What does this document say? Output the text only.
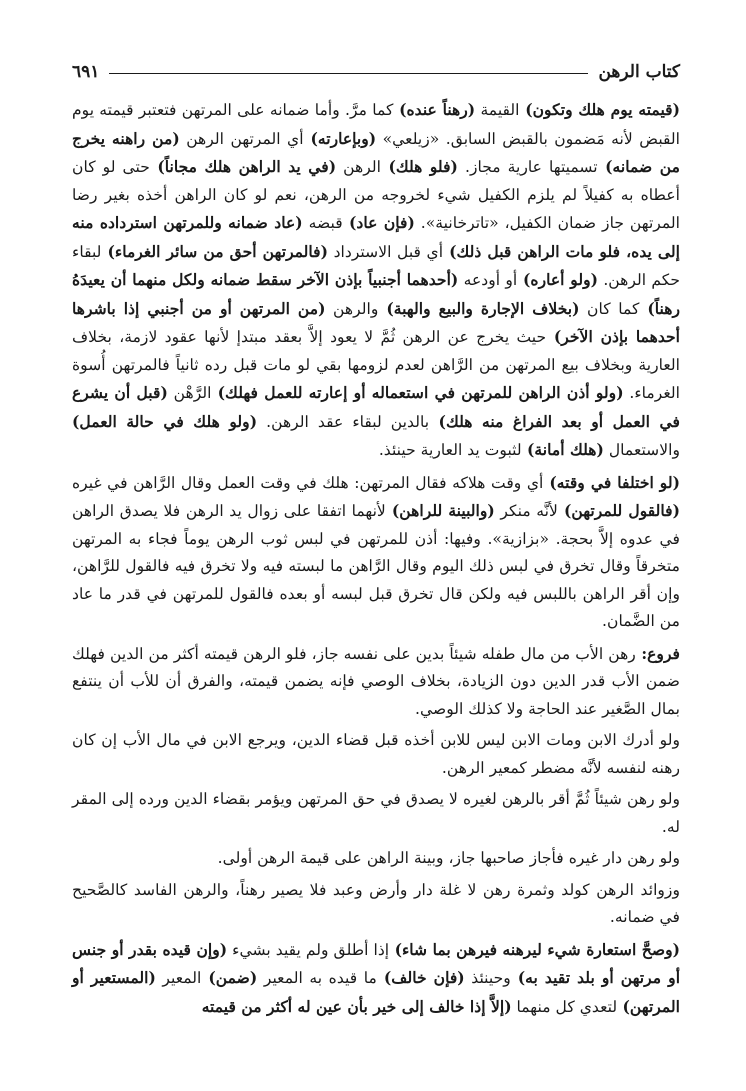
كتاب الرهن
٦٩١

(قيمته يوم هلك وتكون) القيمة (رهناً عنده) كما مرَّ. وأما ضمانه على المرتهن فتعتبر قيمته يوم القبض لأنه مَضمون بالقبض السابق. «زيلعي» (وبإعارته) أي المرتهن الرهن (من راهنه يخرج من ضمانه) تسميتها عارية مجاز. (فلو هلك) الرهن (في يد الراهن هلك مجاناً) حتى لو كان أعطاه به كفيلاً لم يلزم الكفيل شيء لخروجه من الرهن، نعم لو كان الراهن أخذه بغير رضا المرتهن جاز ضمان الكفيل، «تاترخانية». (فإن عاد) قبضه (عاد ضمانه وللمرتهن استرداده منه إلى يده، فلو مات الراهن قبل ذلك) أي قبل الاسترداد (فالمرتهن أحق من سائر الغرماء) لبقاء حكم الرهن. (ولو أعاره) أو أودعه (أحدهما أجنبياً بإذن الآخر سقط ضمانه ولكل منهما أن يعيدَهُ رهناً) كما كان (بخلاف الإجارة والبيع والهبة) والرهن (من المرتهن أو من أجنبي إذا باشرها أحدهما بإذن الآخر) حيث يخرج عن الرهن ثُمَّ لا يعود إلاَّ بعقد مبتدإ لأنها عقود لازمة، بخلاف العارية وبخلاف بيع المرتهن من الرَّاهن لعدم لزومها بقي لو مات قبل رده ثانياً فالمرتهن أُسوة الغرماء. (ولو أذن الراهن للمرتهن في استعماله أو إعارته للعمل فهلك) الرَّهْن (قبل أن يشرع في العمل أو بعد الفراغ منه هلك) بالدين لبقاء عقد الرهن. (ولو هلك في حالة العمل) والاستعمال (هلك أمانة) لثبوت يد العارية حينئذ.

(لو اختلفا في وقته) أي وقت هلاكه فقال المرتهن: هلك في وقت العمل وقال الرَّاهن في غيره (فالقول للمرتهن) لأنَّه منكر (والبينة للراهن) لأنهما اتفقا على زوال يد الرهن فلا يصدق الراهن في عدوه إلاَّ بحجة. «بزازية». وفيها: أذن للمرتهن في لبس ثوب الرهن يوماً فجاء به المرتهن متخرقاً وقال تخرق في لبس ذلك اليوم وقال الرَّاهن ما لبسته فيه ولا تخرق فيه فالقول للرَّاهن، وإن أقر الراهن باللبس فيه ولكن قال تخرق قبل لبسه أو بعده فالقول للمرتهن في قدر ما عاد من الضَّمان.

فروع: رهن الأب من مال طفله شيئاً بدين على نفسه جاز، فلو الرهن قيمته أكثر من الدين فهلك ضمن الأب قدر الدين دون الزيادة، بخلاف الوصي فإنه يضمن قيمته، والفرق أن للأب أن ينتفع بمال الصَّغير عند الحاجة ولا كذلك الوصي.

ولو أدرك الابن ومات الابن ليس للابن أخذه قبل قضاء الدين، ويرجع الابن في مال الأب إن كان رهنه لنفسه لأنَّه مضطر كمعير الرهن.

ولو رهن شيئاً ثُمَّ أقر بالرهن لغيره لا يصدق في حق المرتهن ويؤمر بقضاء الدين ورده إلى المقر له.

ولو رهن دار غيره فأجاز صاحبها جاز، وبينة الراهن على قيمة الرهن أولى.

وزوائد الرهن كولد وثمرة رهن لا غلة دار وأرض وعبد فلا يصير رهناً، والرهن الفاسد كالصَّحيح في ضمانه.

(وصحَّ استعارة شيء ليرهنه فيرهن بما شاء) إذا أطلق ولم يقيد بشيء (وإن قيده بقدر أو جنس أو مرتهن أو بلد تقيد به) وحينئذ (فإن خالف) ما قيده به المعير (ضمن) المعير (المستعير أو المرتهن) لتعدي كل منهما (إلاَّ إذا خالف إلى خير بأن عين له أكثر من قيمته
